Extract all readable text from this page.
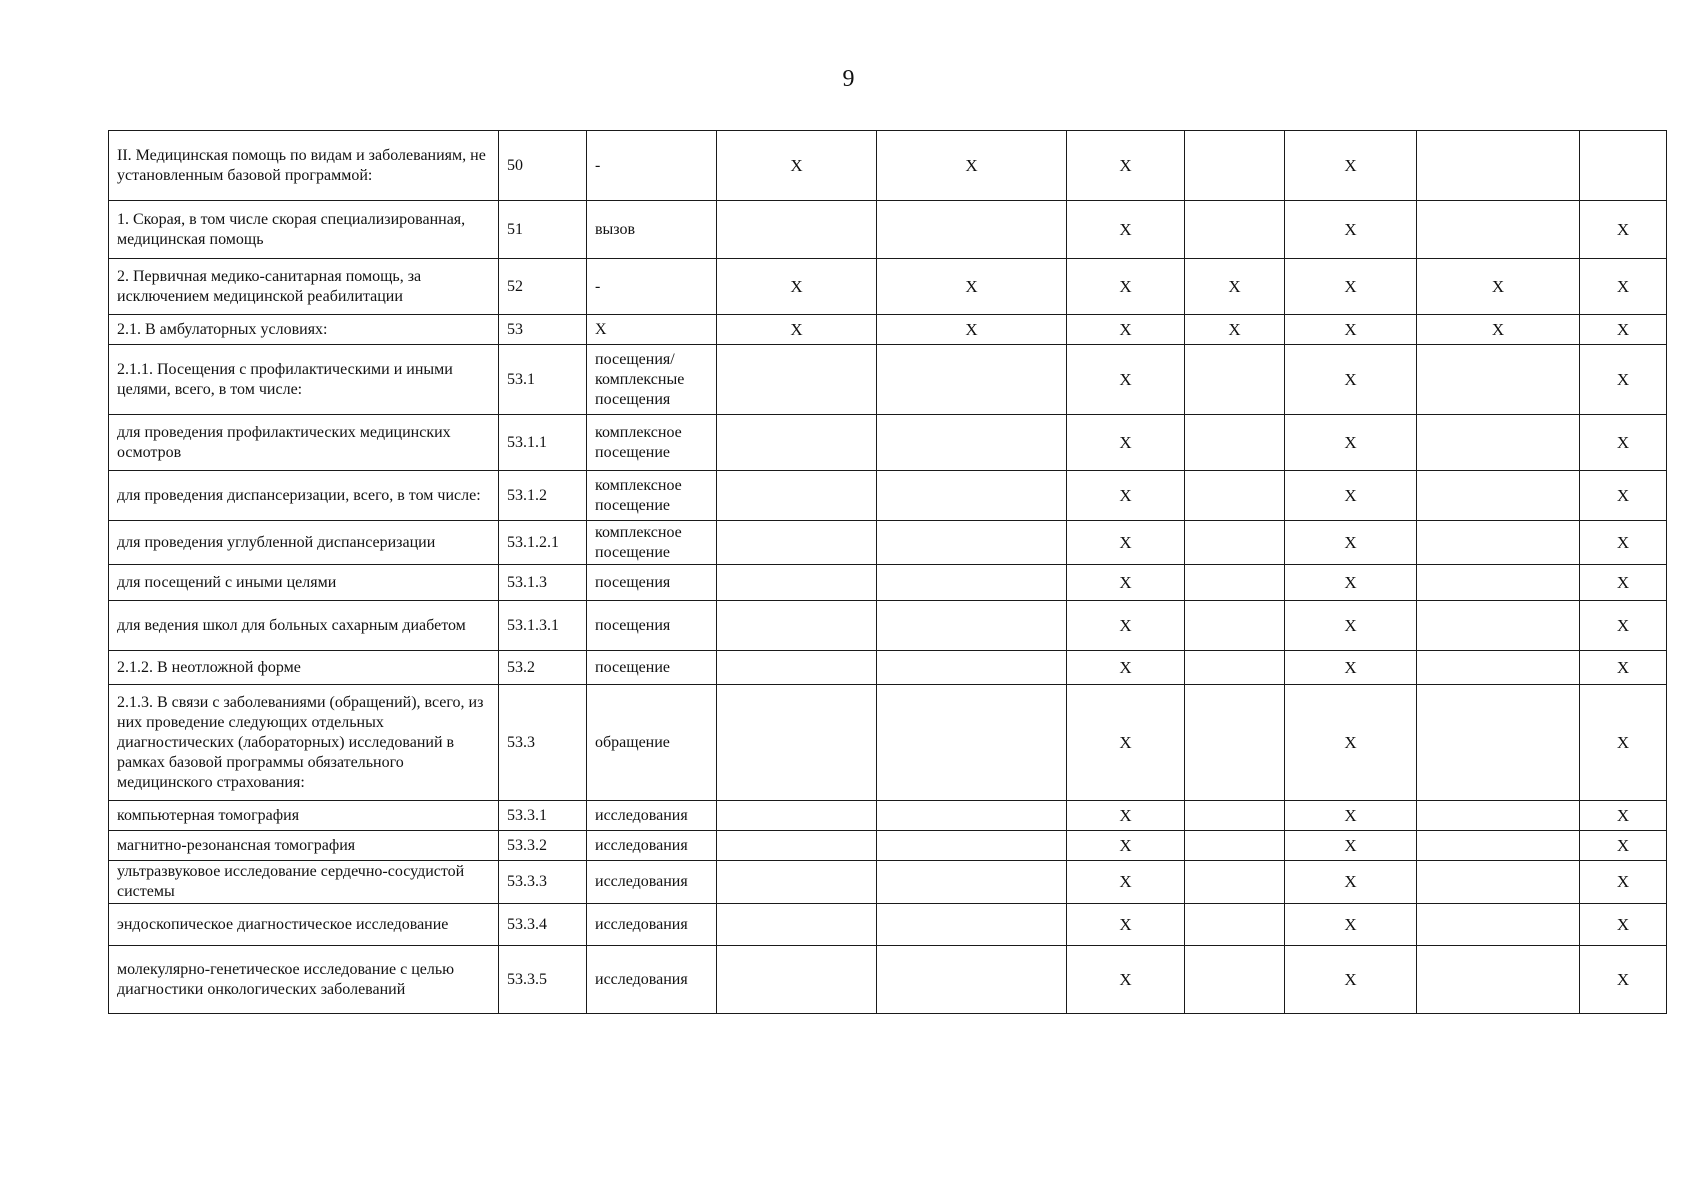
9
II. Медицинская помощь по видам и заболеваниям, не установленным базовой программой:	50	-	X	X	X		X		
1. Скорая, в том числе скорая специализированная, медицинская помощь	51	вызов			X		X		X
2. Первичная медико-санитарная помощь, за исключением медицинской реабилитации	52	-	X	X	X	X	X	X	X
2.1. В амбулаторных условиях:	53	X	X	X	X	X	X	X	X
2.1.1. Посещения с профилактическими и иными целями, всего, в том числе:	53.1	посещения/ комплексные посещения			X		X		X
для проведения профилактических медицинских осмотров	53.1.1	комплексное посещение			X		X		X
для проведения диспансеризации, всего, в том числе:	53.1.2	комплексное посещение			X		X		X
для проведения углубленной диспансеризации	53.1.2.1	комплексное посещение			X		X		X
для посещений с иными целями	53.1.3	посещения			X		X		X
для ведения школ для больных сахарным диабетом	53.1.3.1	посещения			X		X		X
2.1.2. В неотложной форме	53.2	посещение			X		X		X
2.1.3. В связи с заболеваниями (обращений), всего, из них проведение следующих отдельных диагностических (лабораторных) исследований в рамках базовой программы обязательного медицинского страхования:	53.3	обращение			X		X		X
компьютерная томография	53.3.1	исследования			X		X		X
магнитно-резонансная томография	53.3.2	исследования			X		X		X
ультразвуковое исследование сердечно-сосудистой системы	53.3.3	исследования			X		X		X
эндоскопическое диагностическое исследование	53.3.4	исследования			X		X		X
молекулярно-генетическое исследование с целью диагностики онкологических заболеваний	53.3.5	исследования			X		X		X
